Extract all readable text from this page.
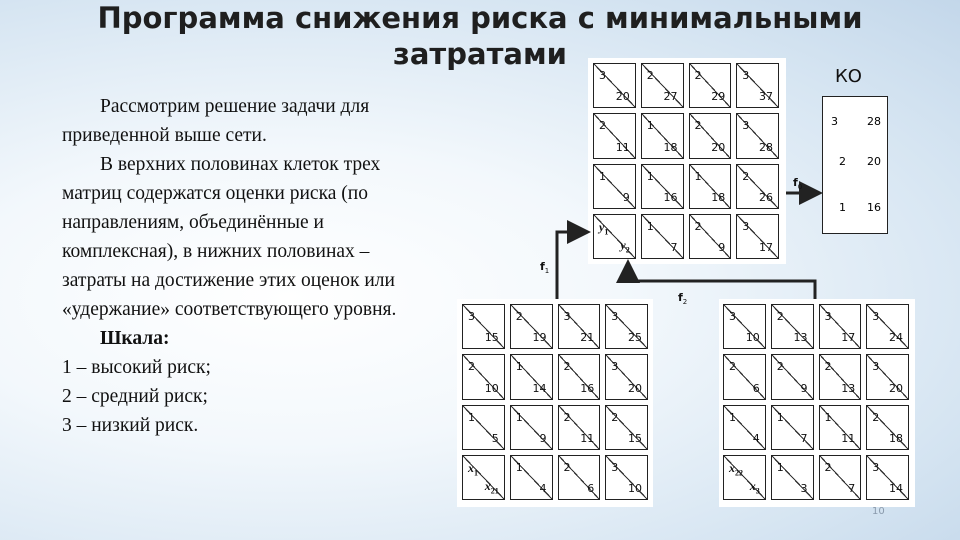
Программа снижения риска с минимальными затратами

Рассмотрим решение задачи для приведенной выше сети.

В верхних половинах клеток трех матриц содержатся оценки риска (по направлениям, объединённые и комплексная), в нижних половинах – затраты на достижение этих оценок или «удержание» соответствующего уровня.

Шкала:

1 – высокий риск;

2 – средний риск;

3 – низкий риск.

3
20
2
27
2
29
3
37
2
11
1
18
2
20
3
28
1
9
1
16
1
18
2
26
$y_1$
$y_2$
1
7
2
9
3
17
3
15
2
19
3
21
3
25
2
10
1
14
2
16
3
20
1
5
1
9
2
11
2
15
$x_1$
$x_{21}$
1
4
2
6
3
10
3
10
2
13
3
17
3
24
2
6
2
9
2
13
3
20
1
4
1
7
1
11
2
18
$x_{22}$
$x_3$
1
3
2
7
3
14
КО
3	28
2 20
1 16
$f_1$
$f_2$
$f_0$
10
